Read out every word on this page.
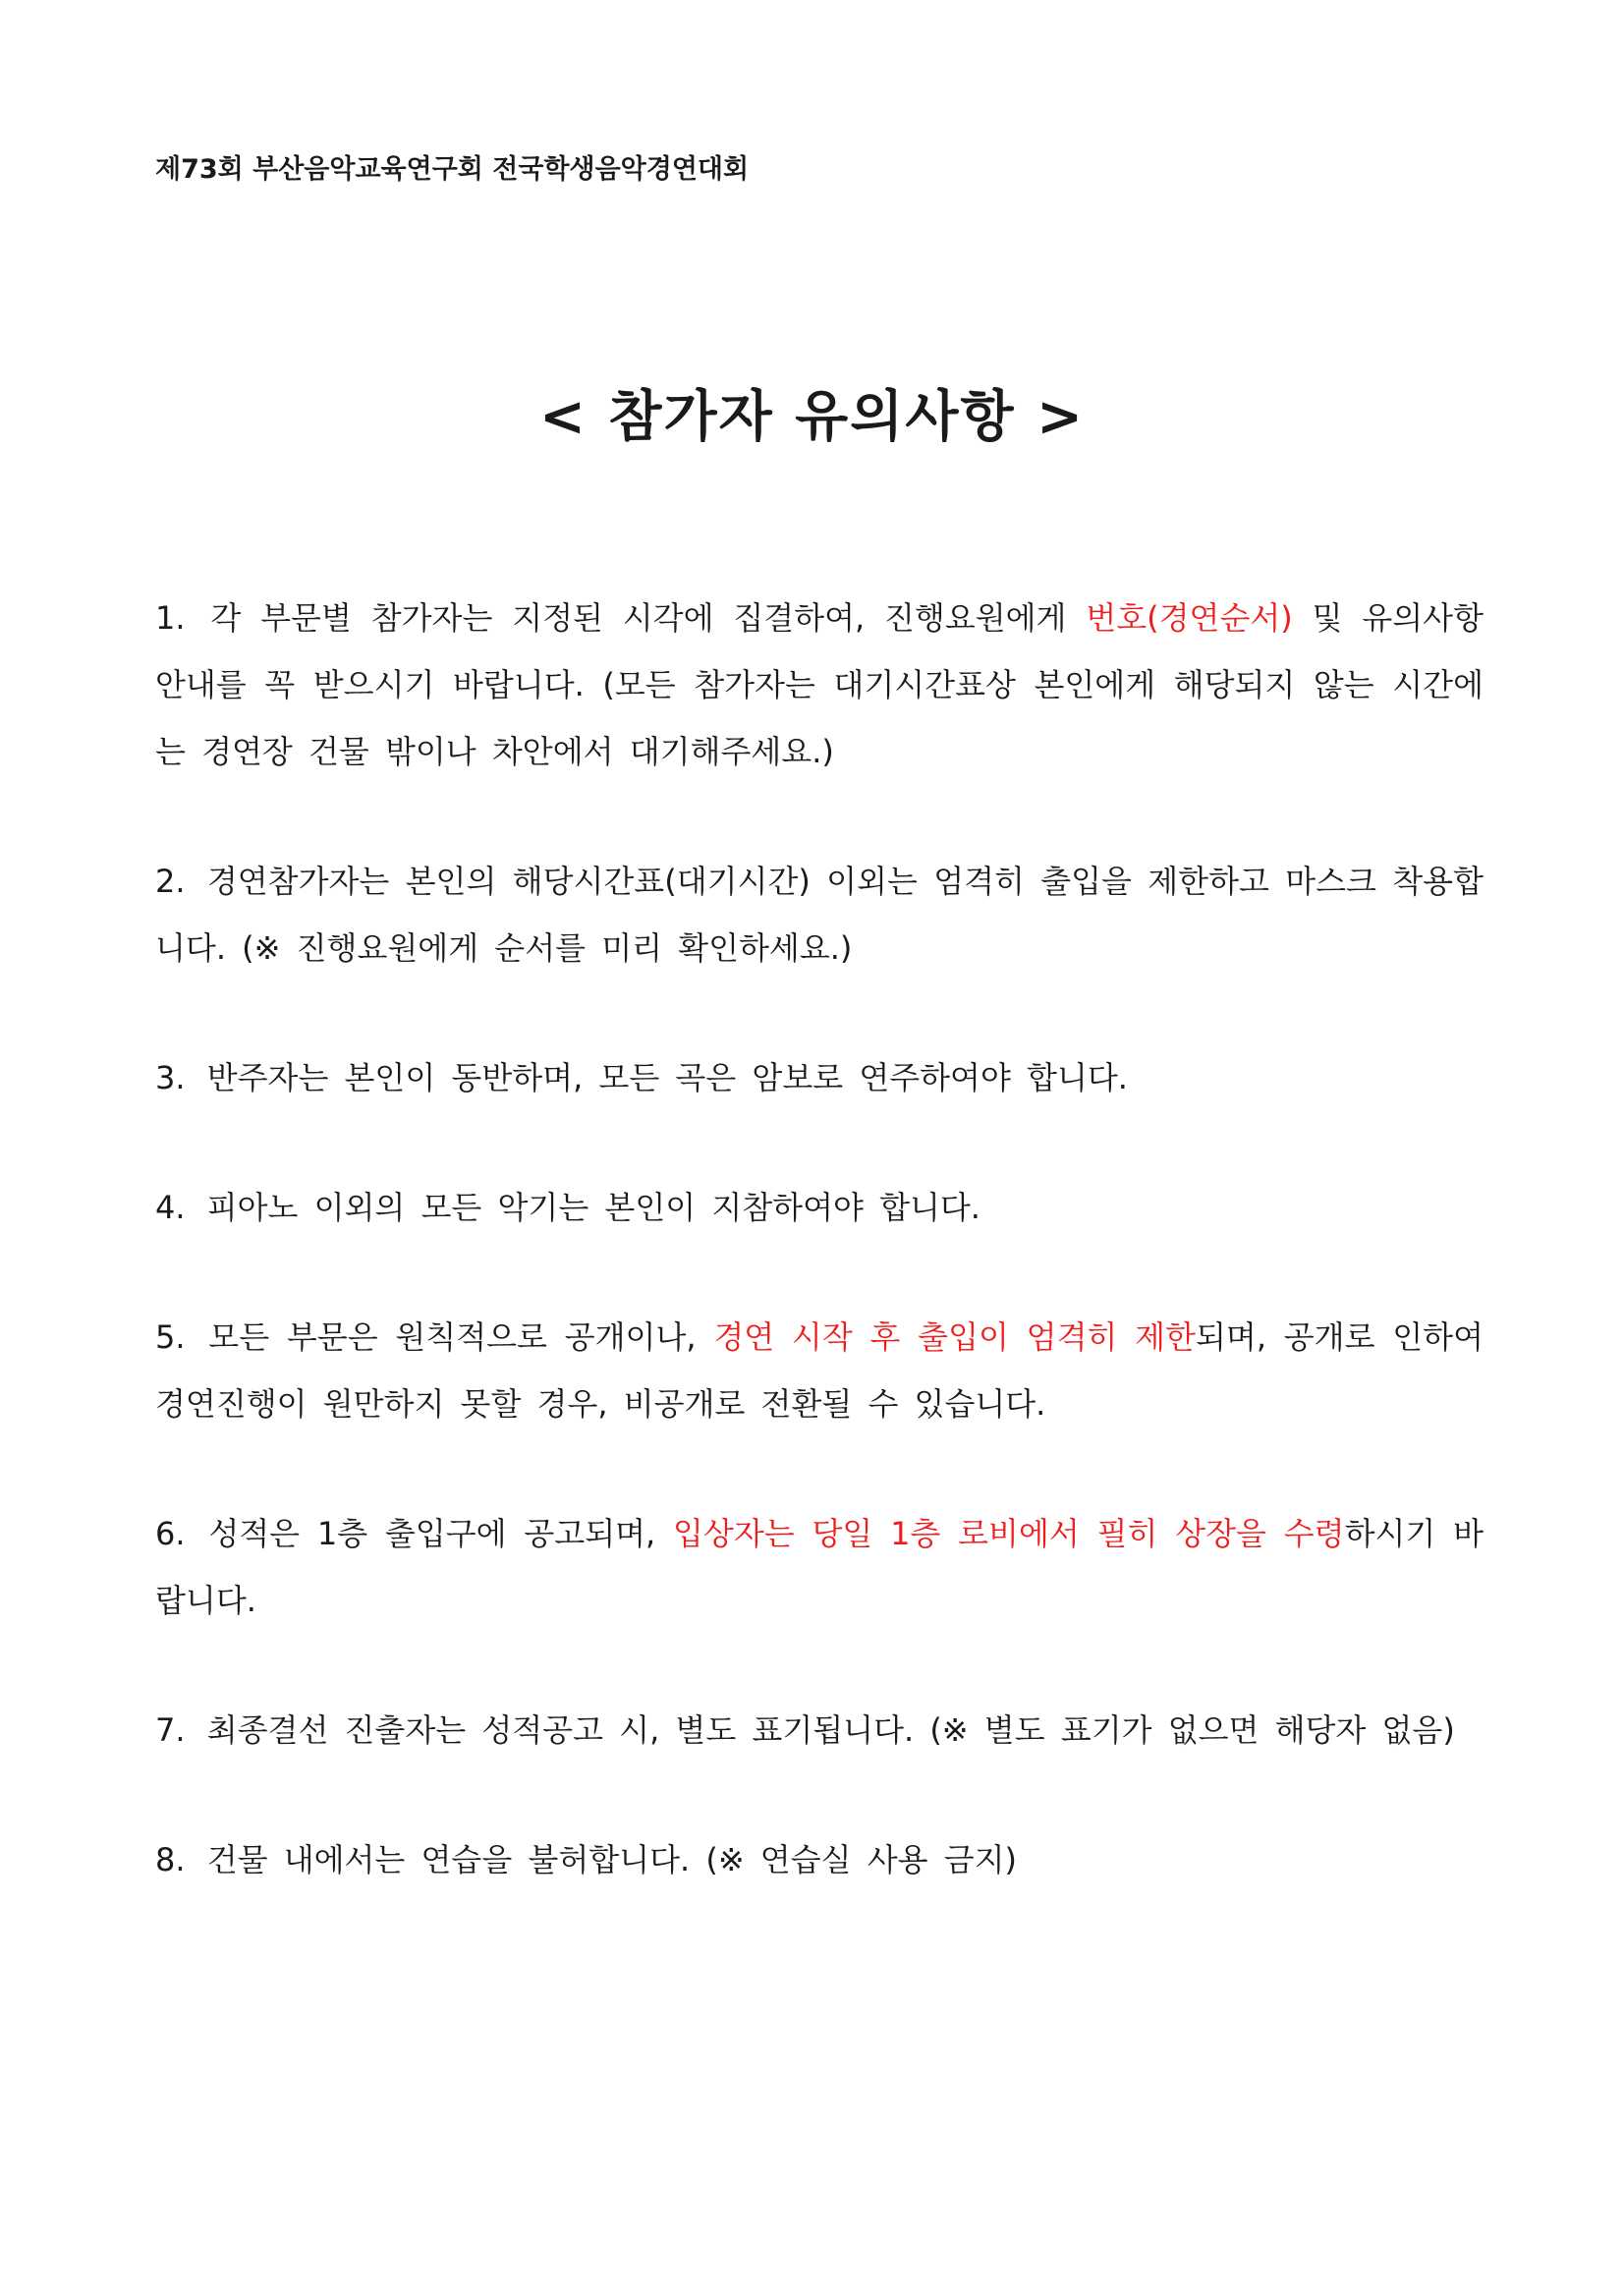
제73회 부산음악교육연구회 전국학생음악경연대회
< 참가자 유의사항 >

1. 각 부문별 참가자는 지정된 시각에 집결하여, 진행요원에게 번호(경연순서) 및 유의사항 안내를 꼭 받으시기 바랍니다. (모든 참가자는 대기시간표상 본인에게 해당되지 않는 시간에는 경연장 건물 밖이나 차안에서 대기해주세요.)

2. 경연참가자는 본인의 해당시간표(대기시간) 이외는 엄격히 출입을 제한하고 마스크 착용합니다. (※ 진행요원에게 순서를 미리 확인하세요.)

3. 반주자는 본인이 동반하며, 모든 곡은 암보로 연주하여야 합니다.

4. 피아노 이외의 모든 악기는 본인이 지참하여야 합니다.

5. 모든 부문은 원칙적으로 공개이나, 경연 시작 후 출입이 엄격히 제한되며, 공개로 인하여 경연진행이 원만하지 못할 경우, 비공개로 전환될 수 있습니다.

6. 성적은 1층 출입구에 공고되며, 입상자는 당일 1층 로비에서 필히 상장을 수령하시기 바랍니다.

7. 최종결선 진출자는 성적공고 시, 별도 표기됩니다. (※ 별도 표기가 없으면 해당자 없음)

8. 건물 내에서는 연습을 불허합니다. (※ 연습실 사용 금지)
